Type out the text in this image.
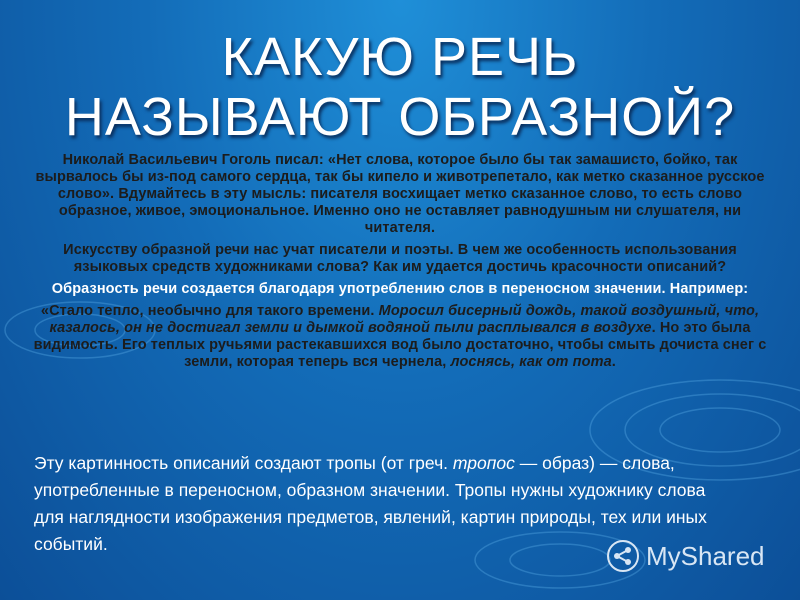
КАКУЮ РЕЧЬ
НАЗЫВАЮТ ОБРАЗНОЙ?

Николай Васильевич Гоголь писал: «Нет слова, которое было бы так замашисто, бойко, так вырвалось бы из-под самого сердца, так бы кипело и животрепетало, как метко сказанное русское слово». Вдумайтесь в эту мысль: писателя восхищает метко сказанное слово, то есть слово образное, живое, эмоциональное. Именно оно не оставляет равнодушным ни слушателя, ни читателя.

Искусству образной речи нас учат писатели и поэты. В чем же особенность использования языковых средств художниками слова? Как им удается достичь красочности описаний?

Образность речи создается благодаря употреблению слов в переносном значении. Например:

«Стало тепло, необычно для такого времени. Моросил бисерный дождь, такой воздушный, что, казалось, он не достигал земли и дымкой водяной пыли расплывался в воздухе. Но это была видимость. Его теплых ручьями растекавшихся вод было достаточно, чтобы смыть дочиста снег с земли, которая теперь вся чернела, лоснясь, как от пота.

Эту картинность описаний создают тропы (от греч. тропос — образ) — слова, употребленные в переносном, образном значении. Тропы нужны художнику слова для наглядности изображения предметов, явлений, картин природы, тех или иных событий.	MyShared
